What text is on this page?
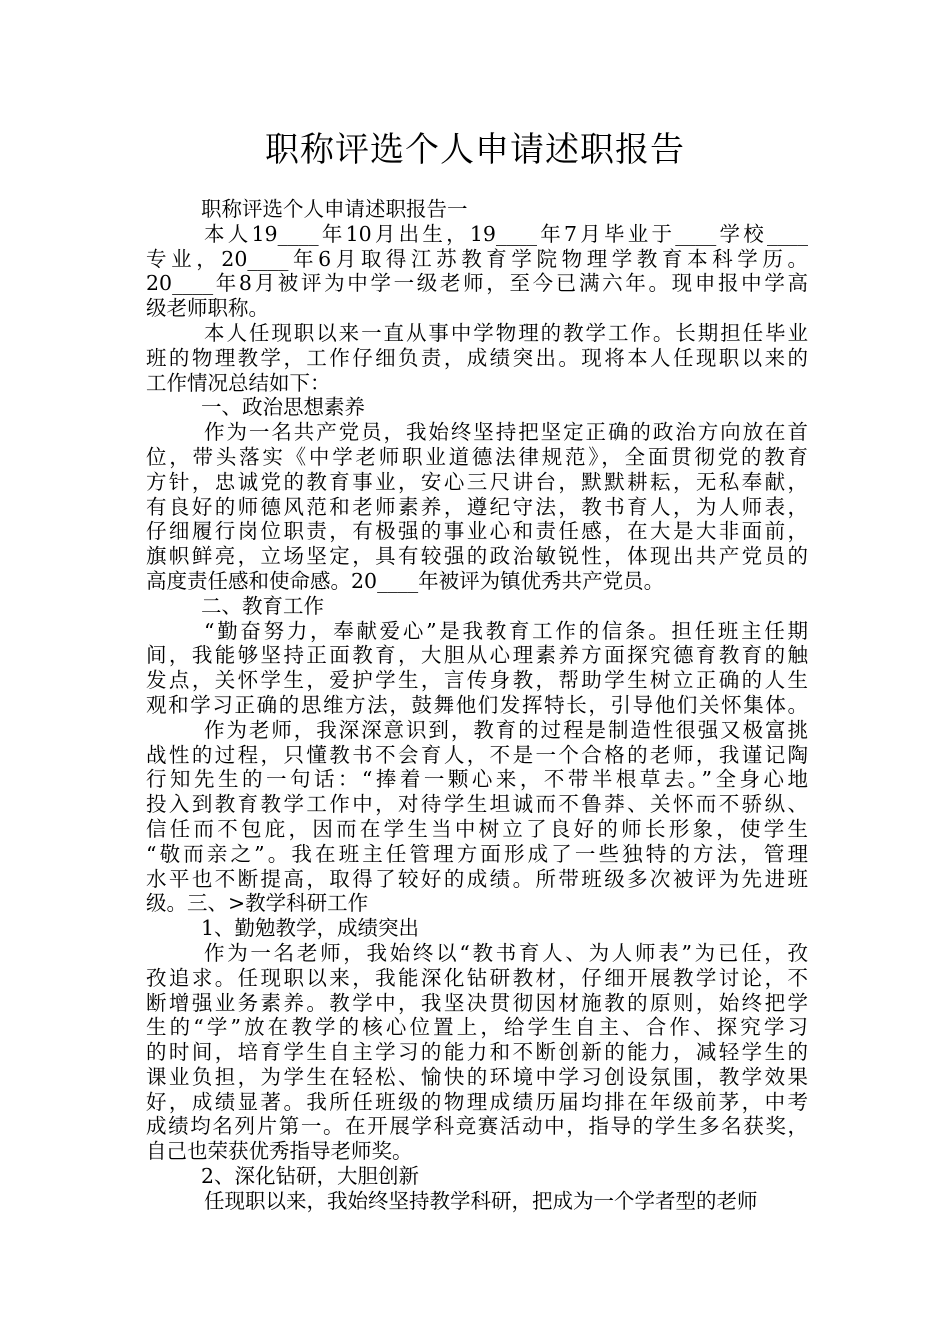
职称评选个人申请述职报告
职称评选个人申请述职报告一
本人19____年10月出生，19____年7月毕业于____学校____
专业，20____年6月取得江苏教育学院物理学教育本科学历。
20____年8月被评为中学一级老师，至今已满六年。现申报中学高
级老师职称。
本人任现职以来一直从事中学物理的教学工作。长期担任毕业
班的物理教学，工作仔细负责，成绩突出。现将本人任现职以来的
工作情况总结如下：
一、政治思想素养
作为一名共产党员，我始终坚持把坚定正确的政治方向放在首
位，带头落实《中学老师职业道德法律规范》，全面贯彻党的教育
方针，忠诚党的教育事业，安心三尺讲台，默默耕耘，无私奉献，
有良好的师德风范和老师素养，遵纪守法，教书育人，为人师表，
仔细履行岗位职责，有极强的事业心和责任感，在大是大非面前，
旗帜鲜亮，立场坚定，具有较强的政治敏锐性，体现出共产党员的
高度责任感和使命感。20____年被评为镇优秀共产党员。
二、教育工作
“勤奋努力，奉献爱心”是我教育工作的信条。担任班主任期
间，我能够坚持正面教育，大胆从心理素养方面探究德育教育的触
发点，关怀学生，爱护学生，言传身教，帮助学生树立正确的人生
观和学习正确的思维方法，鼓舞他们发挥特长，引导他们关怀集体。
作为老师，我深深意识到，教育的过程是制造性很强又极富挑
战性的过程，只懂教书不会育人，不是一个合格的老师，我谨记陶
行知先生的一句话：“捧着一颗心来，不带半根草去。”全身心地
投入到教育教学工作中，对待学生坦诚而不鲁莽、关怀而不骄纵、
信任而不包庇，因而在学生当中树立了良好的师长形象，使学生
“敬而亲之”。我在班主任管理方面形成了一些独特的方法，管理
水平也不断提高，取得了较好的成绩。所带班级多次被评为先进班
级。三、>教学科研工作
1、勤勉教学，成绩突出
作为一名老师，我始终以“教书育人、为人师表”为已任，孜
孜追求。任现职以来，我能深化钻研教材，仔细开展教学讨论，不
断增强业务素养。教学中，我坚决贯彻因材施教的原则，始终把学
生的“学”放在教学的核心位置上，给学生自主、合作、探究学习
的时间，培育学生自主学习的能力和不断创新的能力，减轻学生的
课业负担，为学生在轻松、愉快的环境中学习创设氛围，教学效果
好，成绩显著。我所任班级的物理成绩历届均排在年级前茅，中考
成绩均名列片第一。在开展学科竞赛活动中，指导的学生多名获奖，
自己也荣获优秀指导老师奖。
2、深化钻研，大胆创新
任现职以来，我始终坚持教学科研，把成为一个学者型的老师
